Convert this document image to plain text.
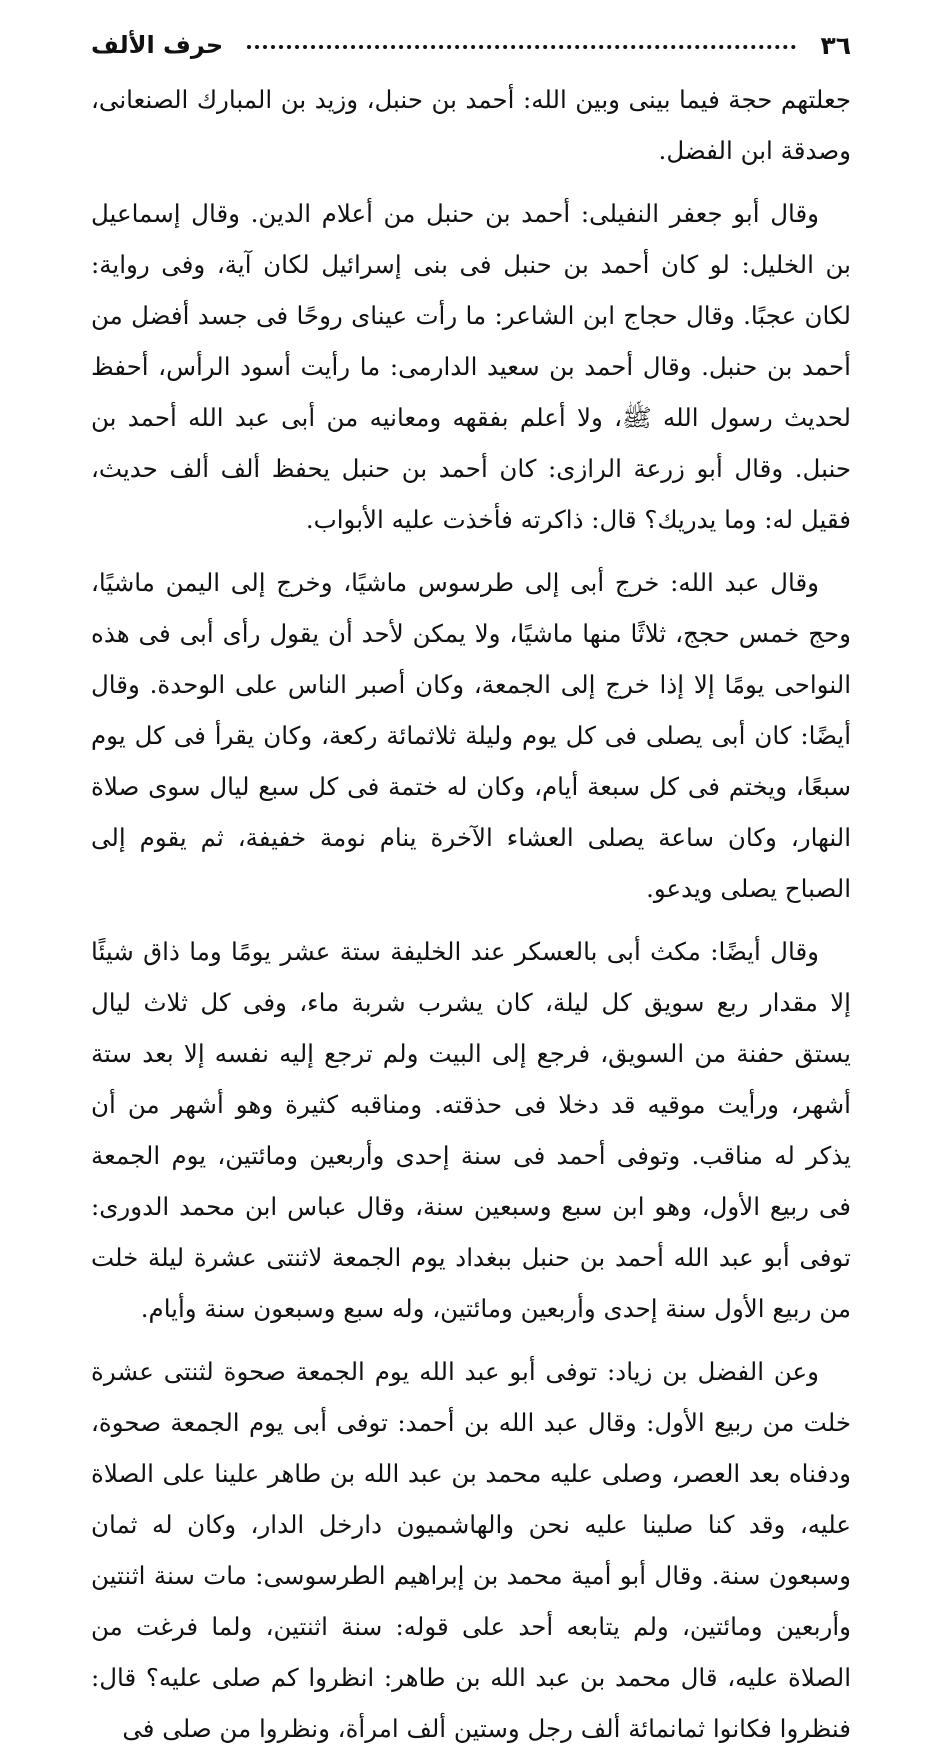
٣٦
حرف الألف

جعلتهم حجة فيما بينى وبين الله: أحمد بن حنبل، وزيد بن المبارك الصنعانى، وصدقة ابن الفضل.

وقال أبو جعفر النفيلى: أحمد بن حنبل من أعلام الدين. وقال إسماعيل بن الخليل: لو كان أحمد بن حنبل فى بنى إسرائيل لكان آية، وفى رواية: لكان عجبًا. وقال حجاج ابن الشاعر: ما رأت عيناى روحًا فى جسد أفضل من أحمد بن حنبل. وقال أحمد بن سعيد الدارمى: ما رأيت أسود الرأس، أحفظ لحديث رسول الله ﷺ، ولا أعلم بفقهه ومعانيه من أبى عبد الله أحمد بن حنبل. وقال أبو زرعة الرازى: كان أحمد بن حنبل يحفظ ألف ألف حديث، فقيل له: وما يدريك؟ قال: ذاكرته فأخذت عليه الأبواب.

وقال عبد الله: خرج أبى إلى طرسوس ماشيًا، وخرج إلى اليمن ماشيًا، وحج خمس حجج، ثلاثًا منها ماشيًا، ولا يمكن لأحد أن يقول رأى أبى فى هذه النواحى يومًا إلا إذا خرج إلى الجمعة، وكان أصبر الناس على الوحدة. وقال أيضًا: كان أبى يصلى فى كل يوم وليلة ثلاثمائة ركعة، وكان يقرأ فى كل يوم سبعًا، ويختم فى كل سبعة أيام، وكان له ختمة فى كل سبع ليال سوى صلاة النهار، وكان ساعة يصلى العشاء الآخرة ينام نومة خفيفة، ثم يقوم إلى الصباح يصلى ويدعو.

وقال أيضًا: مكث أبى بالعسكر عند الخليفة ستة عشر يومًا وما ذاق شيئًا إلا مقدار ربع سويق كل ليلة، كان يشرب شربة ماء، وفى كل ثلاث ليال يستق حفنة من السويق، فرجع إلى البيت ولم ترجع إليه نفسه إلا بعد ستة أشهر، ورأيت موقيه قد دخلا فى حذقته. ومناقبه كثيرة وهو أشهر من أن يذكر له مناقب. وتوفى أحمد فى سنة إحدى وأربعين ومائتين، يوم الجمعة فى ربيع الأول، وهو ابن سبع وسبعين سنة، وقال عباس ابن محمد الدورى: توفى أبو عبد الله أحمد بن حنبل ببغداد يوم الجمعة لاثنتى عشرة ليلة خلت من ربيع الأول سنة إحدى وأربعين ومائتين، وله سبع وسبعون سنة وأيام.

وعن الفضل بن زياد: توفى أبو عبد الله يوم الجمعة صحوة لثنتى عشرة خلت من ربيع الأول: وقال عبد الله بن أحمد: توفى أبى يوم الجمعة صحوة، ودفناه بعد العصر، وصلى عليه محمد بن عبد الله بن طاهر علينا على الصلاة عليه، وقد كنا صلينا عليه نحن والهاشميون دارخل الدار، وكان له ثمان وسبعون سنة. وقال أبو أمية محمد بن إبراهيم الطرسوسى: مات سنة اثنتين وأربعين ومائتين، ولم يتابعه أحد على قوله: سنة اثنتين، ولما فرغت من الصلاة عليه، قال محمد بن عبد الله بن طاهر: انظروا كم صلى عليه؟ قال: فنظروا فكانوا ثمانمائة ألف رجل وستين ألف امرأة، ونظروا من صلى فى
